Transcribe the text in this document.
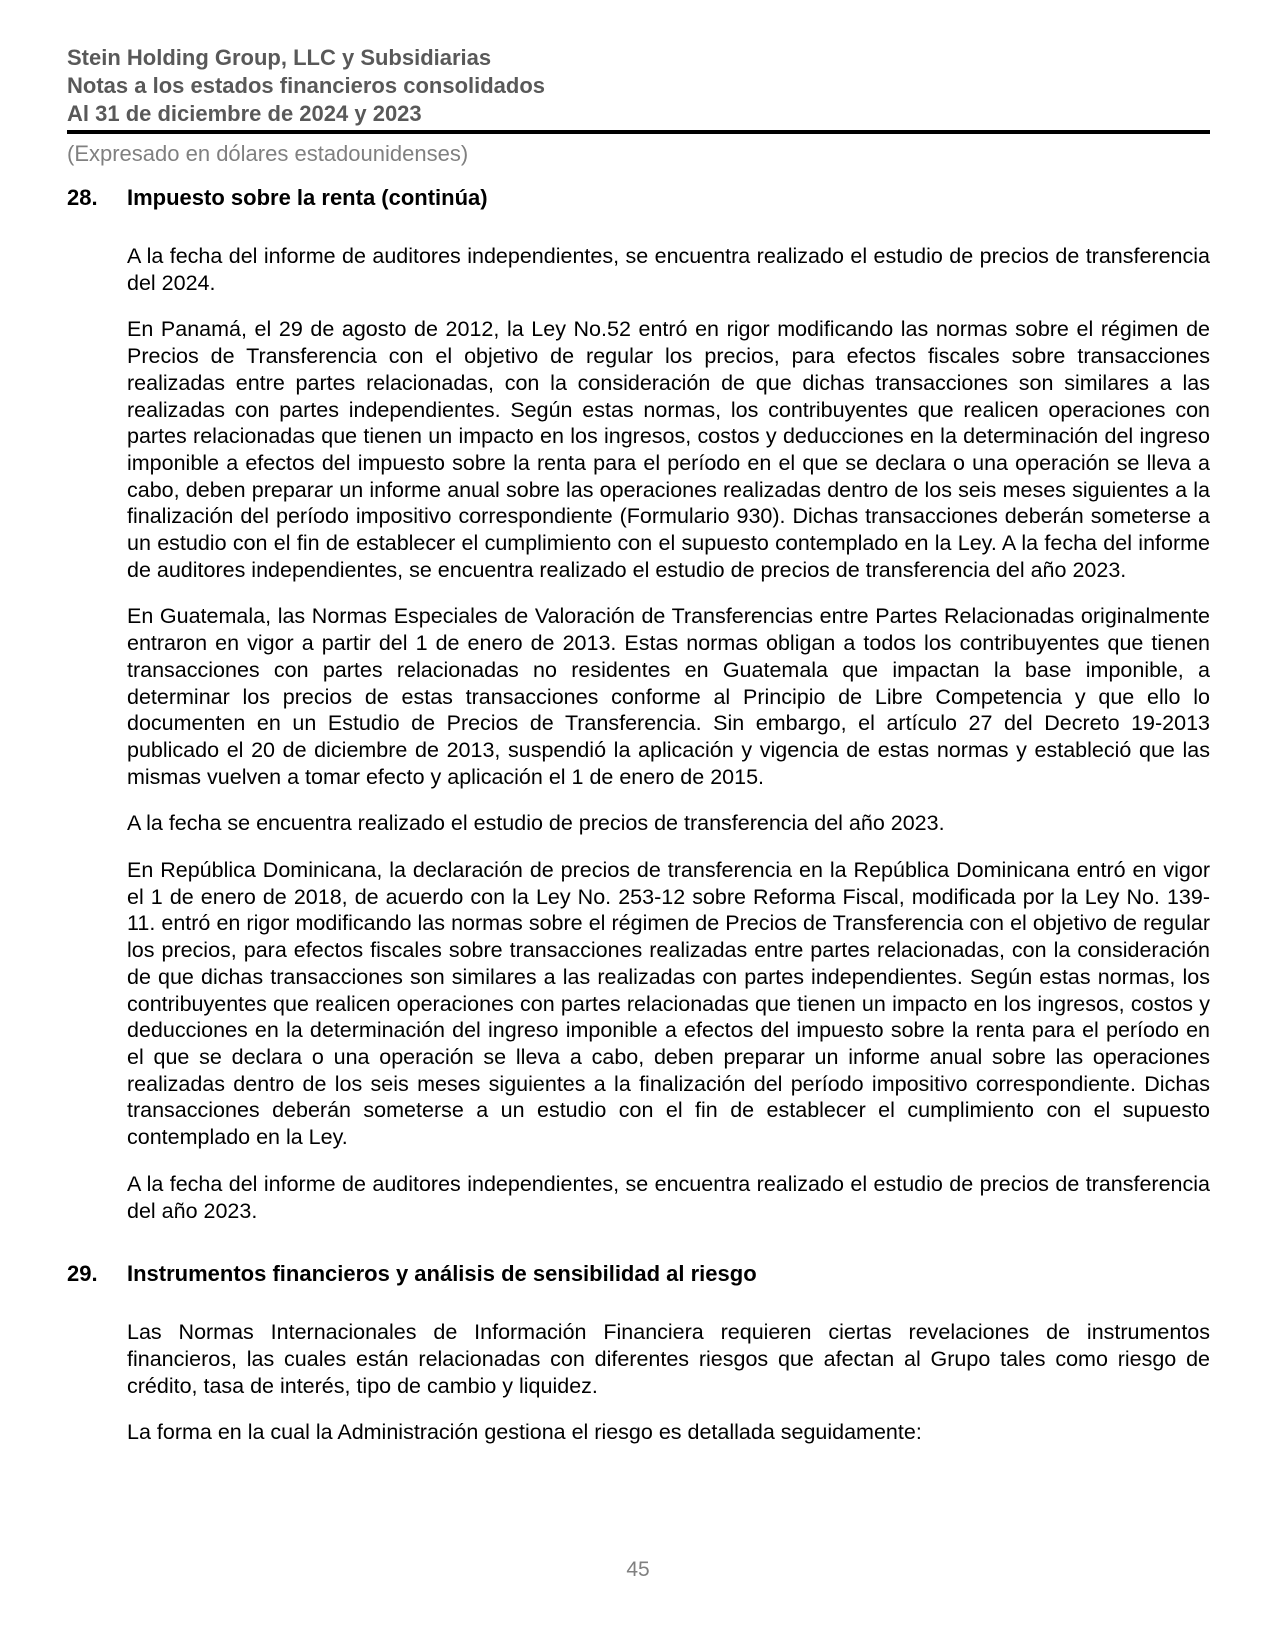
Stein Holding Group, LLC y Subsidiarias
Notas a los estados financieros consolidados
Al 31 de diciembre de 2024 y 2023
(Expresado en dólares estadounidenses)
28.	Impuesto sobre la renta (continúa)

A la fecha del informe de auditores independientes, se encuentra realizado el estudio de precios de transferencia del 2024.

En Panamá, el 29 de agosto de 2012, la Ley No.52 entró en rigor modificando las normas sobre el régimen de Precios de Transferencia con el objetivo de regular los precios, para efectos fiscales sobre transacciones realizadas entre partes relacionadas, con la consideración de que dichas transacciones son similares a las realizadas con partes independientes. Según estas normas, los contribuyentes que realicen operaciones con partes relacionadas que tienen un impacto en los ingresos, costos y deducciones en la determinación del ingreso imponible a efectos del impuesto sobre la renta para el período en el que se declara o una operación se lleva a cabo, deben preparar un informe anual sobre las operaciones realizadas dentro de los seis meses siguientes a la finalización del período impositivo correspondiente (Formulario 930). Dichas transacciones deberán someterse a un estudio con el fin de establecer el cumplimiento con el supuesto contemplado en la Ley. A la fecha del informe de auditores independientes, se encuentra realizado el estudio de precios de transferencia del año 2023.

En Guatemala, las Normas Especiales de Valoración de Transferencias entre Partes Relacionadas originalmente entraron en vigor a partir del 1 de enero de 2013. Estas normas obligan a todos los contribuyentes que tienen transacciones con partes relacionadas no residentes en Guatemala que impactan la base imponible, a determinar los precios de estas transacciones conforme al Principio de Libre Competencia y que ello lo documenten en un Estudio de Precios de Transferencia. Sin embargo, el artículo 27 del Decreto 19-2013 publicado el 20 de diciembre de 2013, suspendió la aplicación y vigencia de estas normas y estableció que las mismas vuelven a tomar efecto y aplicación el 1 de enero de 2015.

A la fecha se encuentra realizado el estudio de precios de transferencia del año 2023.

En República Dominicana, la declaración de precios de transferencia en la República Dominicana entró en vigor el 1 de enero de 2018, de acuerdo con la Ley No. 253-12 sobre Reforma Fiscal, modificada por la Ley No. 139-11. entró en rigor modificando las normas sobre el régimen de Precios de Transferencia con el objetivo de regular los precios, para efectos fiscales sobre transacciones realizadas entre partes relacionadas, con la consideración de que dichas transacciones son similares a las realizadas con partes independientes. Según estas normas, los contribuyentes que realicen operaciones con partes relacionadas que tienen un impacto en los ingresos, costos y deducciones en la determinación del ingreso imponible a efectos del impuesto sobre la renta para el período en el que se declara o una operación se lleva a cabo, deben preparar un informe anual sobre las operaciones realizadas dentro de los seis meses siguientes a la finalización del período impositivo correspondiente. Dichas transacciones deberán someterse a un estudio con el fin de establecer el cumplimiento con el supuesto contemplado en la Ley.

A la fecha del informe de auditores independientes, se encuentra realizado el estudio de precios de transferencia del año 2023.

29.	Instrumentos financieros y análisis de sensibilidad al riesgo

Las Normas Internacionales de Información Financiera requieren ciertas revelaciones de instrumentos financieros, las cuales están relacionadas con diferentes riesgos que afectan al Grupo tales como riesgo de crédito, tasa de interés, tipo de cambio y liquidez.

La forma en la cual la Administración gestiona el riesgo es detallada seguidamente:

45
